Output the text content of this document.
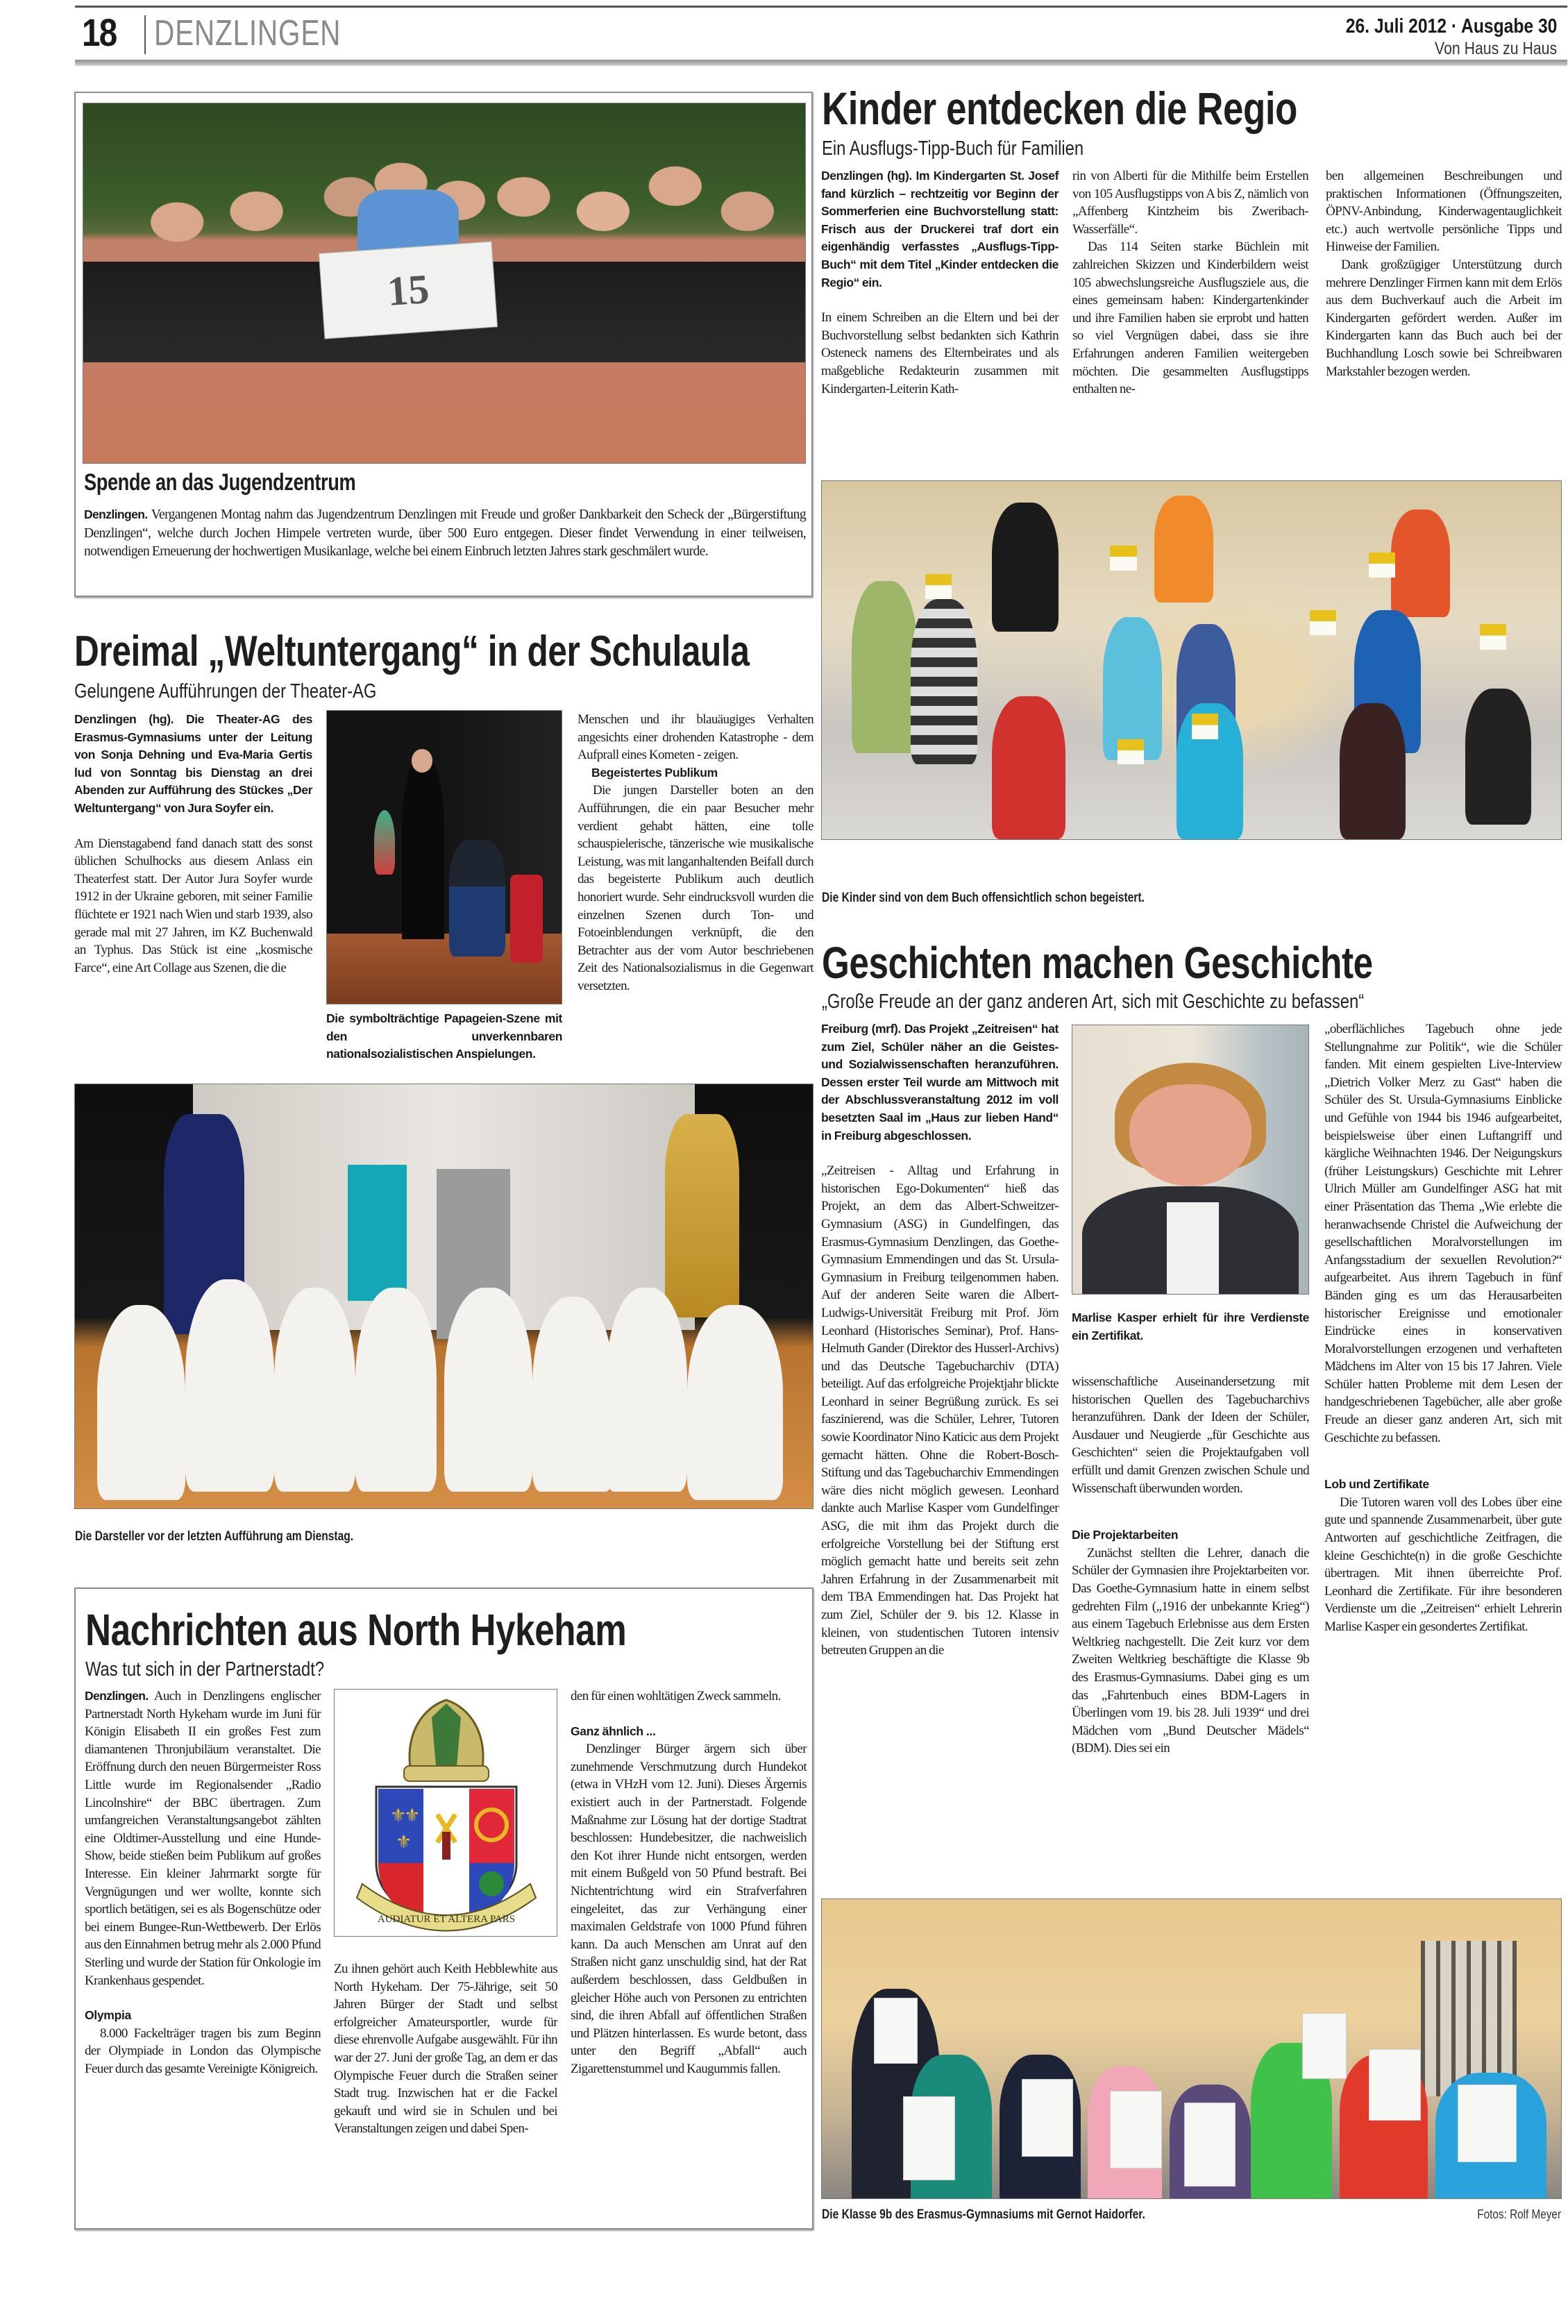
18 DENZLINGEN	26. Juli 2012 · Ausgabe 30
Von Haus zu Haus
15
Spende an das Jugendzentrum

Denzlingen. Vergangenen Montag nahm das Jugendzentrum Denzlingen mit Freude und großer Dankbarkeit den Scheck der „Bürgerstiftung Denzlingen“, welche durch Jochen Himpele vertreten wurde, über 500 Euro entgegen. Dieser findet Verwendung in einer teilweisen, notwendigen Erneuerung der hochwertigen Musikanlage, welche bei einem Einbruch letzten Jahres stark geschmälert wurde.

Kinder entdecken die Regio
Ein Ausflugs-Tipp-Buch für Familien

Denzlingen (hg). Im Kindergarten St. Josef fand kürzlich – rechtzeitig vor Beginn der Sommerferien eine Buchvorstellung statt: Frisch aus der Druckerei traf dort ein eigenhändig verfasstes „Ausflugs-Tipp-Buch“ mit dem Titel „Kinder entdecken die Regio“ ein.

In einem Schreiben an die Eltern und bei der Buchvorstellung selbst bedankten sich Kathrin Osteneck namens des Elternbeirates und als maßgebliche Redakteurin zusammen mit Kindergarten-Leiterin Kath-

rin von Alberti für die Mithilfe beim Erstellen von 105 Ausflugstipps von A bis Z, nämlich von „Affenberg Kintzheim bis Zweribach-Wasserfälle“.

Das 114 Seiten starke Büchlein mit zahlreichen Skizzen und Kinderbildern weist 105 abwechslungsreiche Ausflugsziele aus, die eines gemeinsam haben: Kindergartenkinder und ihre Familien haben sie erprobt und hatten so viel Vergnügen dabei, dass sie ihre Erfahrungen anderen Familien weitergeben möchten. Die gesammelten Ausflugstipps enthalten ne-

ben allgemeinen Beschreibungen und praktischen Informationen (Öffnungszeiten, ÖPNV-Anbindung, Kinderwagentauglichkeit etc.) auch wertvolle persönliche Tipps und Hinweise der Familien.

Dank großzügiger Unterstützung durch mehrere Denzlinger Firmen kann mit dem Erlös aus dem Buchverkauf auch die Arbeit im Kindergarten gefördert werden. Außer im Kindergarten kann das Buch auch bei der Buchhandlung Losch sowie bei Schreibwaren Markstahler bezogen werden.

Die Kinder sind von dem Buch offensichtlich schon begeistert.
Dreimal „Weltuntergang“ in der Schulaula
Gelungene Aufführungen der Theater-AG

Denzlingen (hg). Die Theater-AG des Erasmus-Gymnasiums unter der Leitung von Sonja Dehning und Eva-Maria Gertis lud von Sonntag bis Dienstag an drei Abenden zur Aufführung des Stückes „Der Weltuntergang“ von Jura Soyfer ein.

Am Dienstagabend fand danach statt des sonst üblichen Schulhocks aus diesem Anlass ein Theaterfest statt. Der Autor Jura Soyfer wurde 1912 in der Ukraine geboren, mit seiner Familie flüchtete er 1921 nach Wien und starb 1939, also gerade mal mit 27 Jahren, im KZ Buchenwald an Typhus. Das Stück ist eine „kosmische Farce“, eine Art Collage aus Szenen, die die

Die symbolträchtige Papageien-Szene mit den unverkennbaren nationalsozialistischen Anspielungen.

Menschen und ihr blauäugiges Verhalten angesichts einer drohenden Katastrophe - dem Aufprall eines Kometen - zeigen.

Begeistertes Publikum

Die jungen Darsteller boten an den Aufführungen, die ein paar Besucher mehr verdient gehabt hätten, eine tolle schauspielerische, tänzerische wie musikalische Leistung, was mit langanhaltenden Beifall durch das begeisterte Publikum auch deutlich honoriert wurde. Sehr eindrucksvoll wurden die einzelnen Szenen durch Ton- und Fotoeinblendungen verknüpft, die den Betrachter aus der vom Autor beschriebenen Zeit des Nationalsozialismus in die Gegenwart versetzten.

Die Darsteller vor der letzten Aufführung am Dienstag.
Nachrichten aus North Hykeham
Was tut sich in der Partnerstadt?

Denzlingen. Auch in Denzlingens englischer Partnerstadt North Hykeham wurde im Juni für Königin Elisabeth II ein großes Fest zum diamantenen Thronjubiläum veranstaltet. Die Eröffnung durch den neuen Bürgermeister Ross Little wurde im Regionalsender „Radio Lincolnshire“ der BBC übertragen. Zum umfangreichen Veranstaltungsangebot zählten eine Oldtimer-Ausstellung und eine Hunde-Show, beide stießen beim Publikum auf großes Interesse. Ein kleiner Jahrmarkt sorgte für Vergnügungen und wer wollte, konnte sich sportlich betätigen, sei es als Bogenschütze oder bei einem Bungee-Run-Wettbewerb. Der Erlös aus den Einnahmen betrug mehr als 2.000 Pfund Sterling und wurde der Station für Onkologie im Krankenhaus gespendet.

Olympia

8.000 Fackelträger tragen bis zum Beginn der Olympiade in London das Olympische Feuer durch das gesamte Vereinigte Königreich.

⚜
⚜
⚜
AUDIATUR ET ALTERA PARS

Zu ihnen gehört auch Keith Hebblewhite aus North Hykeham. Der 75-Jährige, seit 50 Jahren Bürger der Stadt und selbst erfolgreicher Amateursportler, wurde für diese ehrenvolle Aufgabe ausgewählt. Für ihn war der 27. Juni der große Tag, an dem er das Olympische Feuer durch die Straßen seiner Stadt trug. Inzwischen hat er die Fackel gekauft und wird sie in Schulen und bei Veranstaltungen zeigen und dabei Spen-

den für einen wohltätigen Zweck sammeln.

Ganz ähnlich ...

Denzlinger Bürger ärgern sich über zunehmende Verschmutzung durch Hundekot (etwa in VHzH vom 12. Juni). Dieses Ärgernis existiert auch in der Partnerstadt. Folgende Maßnahme zur Lösung hat der dortige Stadtrat beschlossen: Hundebesitzer, die nachweislich den Kot ihrer Hunde nicht entsorgen, werden mit einem Bußgeld von 50 Pfund bestraft. Bei Nichtentrichtung wird ein Strafverfahren eingeleitet, das zur Verhängung einer maximalen Geldstrafe von 1000 Pfund führen kann. Da auch Menschen am Unrat auf den Straßen nicht ganz unschuldig sind, hat der Rat außerdem beschlossen, dass Geldbußen in gleicher Höhe auch von Personen zu entrichten sind, die ihren Abfall auf öffentlichen Straßen und Plätzen hinterlassen. Es wurde betont, dass unter den Begriff „Abfall“ auch Zigarettenstummel und Kaugummis fallen.

Geschichten machen Geschichte
„Große Freude an der ganz anderen Art, sich mit Geschichte zu befassen“

Freiburg (mrf). Das Projekt „Zeitreisen“ hat zum Ziel, Schüler näher an die Geistes- und Sozialwissenschaften heranzuführen. Dessen erster Teil wurde am Mittwoch mit der Abschlussveranstaltung 2012 im voll besetzten Saal im „Haus zur lieben Hand“ in Freiburg abgeschlossen.

„Zeitreisen - Alltag und Erfahrung in historischen Ego-Dokumenten“ hieß das Projekt, an dem das Albert-Schweitzer-Gymnasium (ASG) in Gundelfingen, das Erasmus-Gymnasium Denzlingen, das Goethe-Gymnasium Emmendingen und das St. Ursula-Gymnasium in Freiburg teilgenommen haben. Auf der anderen Seite waren die Albert-Ludwigs-Universität Freiburg mit Prof. Jörn Leonhard (Historisches Seminar), Prof. Hans-Helmuth Gander (Direktor des Husserl-Archivs) und das Deutsche Tagebucharchiv (DTA) beteiligt. Auf das erfolgreiche Projektjahr blickte Leonhard in seiner Begrüßung zurück. Es sei faszinierend, was die Schüler, Lehrer, Tutoren sowie Koordinator Nino Katicic aus dem Projekt gemacht hätten. Ohne die Robert-Bosch-Stiftung und das Tagebucharchiv Emmendingen wäre dies nicht möglich gewesen. Leonhard dankte auch Marlise Kasper vom Gundelfinger ASG, die mit ihm das Projekt durch die erfolgreiche Vorstellung bei der Stiftung erst möglich gemacht hatte und bereits seit zehn Jahren Erfahrung in der Zusammenarbeit mit dem TBA Emmendingen hat. Das Projekt hat zum Ziel, Schüler der 9. bis 12. Klasse in kleinen, von studentischen Tutoren intensiv betreuten Gruppen an die

Marlise Kasper erhielt für ihre Verdienste ein Zertifikat.

wissenschaftliche Auseinandersetzung mit historischen Quellen des Tagebucharchivs heranzuführen. Dank der Ideen der Schüler, Ausdauer und Neugierde „für Geschichte aus Geschichten“ seien die Projektaufgaben voll erfüllt und damit Grenzen zwischen Schule und Wissenschaft überwunden worden.

Die Projektarbeiten

Zunächst stellten die Lehrer, danach die Schüler der Gymnasien ihre Projektarbeiten vor. Das Goethe-Gymnasium hatte in einem selbst gedrehten Film („1916 der unbekannte Krieg“) aus einem Tagebuch Erlebnisse aus dem Ersten Weltkrieg nachgestellt. Die Zeit kurz vor dem Zweiten Weltkrieg beschäftigte die Klasse 9b des Erasmus-Gymnasiums. Dabei ging es um das „Fahrtenbuch eines BDM-Lagers in Überlingen vom 19. bis 28. Juli 1939“ und drei Mädchen vom „Bund Deutscher Mädels“ (BDM). Dies sei ein

„oberflächliches Tagebuch ohne jede Stellungnahme zur Politik“, wie die Schüler fanden. Mit einem gespielten Live-Interview „Dietrich Volker Merz zu Gast“ haben die Schüler des St. Ursula-Gymnasiums Einblicke und Gefühle von 1944 bis 1946 aufgearbeitet, beispielsweise über einen Luftangriff und kärgliche Weihnachten 1946. Der Neigungskurs (früher Leistungskurs) Geschichte mit Lehrer Ulrich Müller am Gundelfinger ASG hat mit einer Präsentation das Thema „Wie erlebte die heranwachsende Christel die Aufweichung der gesellschaftlichen Moralvorstellungen im Anfangsstadium der sexuellen Revolution?“ aufgearbeitet. Aus ihrem Tagebuch in fünf Bänden ging es um das Herausarbeiten historischer Ereignisse und emotionaler Eindrücke eines in konservativen Moralvorstellungen erzogenen und verhafteten Mädchens im Alter von 15 bis 17 Jahren. Viele Schüler hatten Probleme mit dem Lesen der handgeschriebenen Tagebücher, alle aber große Freude an dieser ganz anderen Art, sich mit Geschichte zu befassen.

Lob und Zertifikate

Die Tutoren waren voll des Lobes über eine gute und spannende Zusammenarbeit, über gute Antworten auf geschichtliche Zeitfragen, die kleine Geschichte(n) in die große Geschichte übertragen. Mit ihnen überreichte Prof. Leonhard die Zertifikate. Für ihre besonderen Verdienste um die „Zeitreisen“ erhielt Lehrerin Marlise Kasper ein gesondertes Zertifikat.

Die Klasse 9b des Erasmus-Gymnasiums mit Gernot Haidorfer.	Fotos: Rolf Meyer
